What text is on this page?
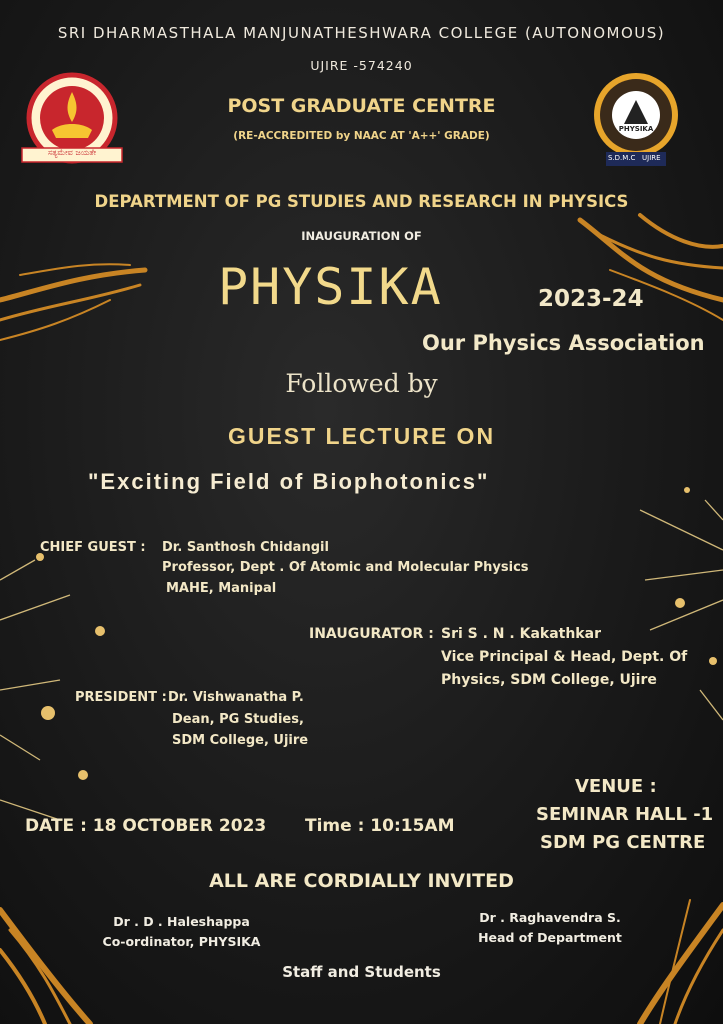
ಸತ್ಯಮೇವ ಜಯತೇ
PHYSIKA
S.D.M.C UJIRE
SRI DHARMASTHALA MANJUNATHESHWARA COLLEGE (AUTONOMOUS)
UJIRE -574240
POST GRADUATE CENTRE
(RE-ACCREDITED by NAAC AT 'A++' GRADE)
DEPARTMENT OF PG STUDIES AND RESEARCH IN PHYSICS
INAUGURATION OF
PHYSIKA	2023-24
Our Physics Association
Followed by
GUEST LECTURE ON
"Exciting Field of Biophotonics"
CHIEF GUEST : Dr. Santhosh Chidangil
Professor, Dept . Of Atomic and Molecular Physics
MAHE, Manipal
INAUGURATOR : Sri S . N . Kakathkar
Vice Principal & Head, Dept. Of
Physics, SDM College, Ujire
PRESIDENT : Dr. Vishwanatha P.
Dean, PG Studies,
SDM College, Ujire
DATE : 18 OCTOBER 2023 Time : 10:15AM
VENUE :
SEMINAR HALL -1
SDM PG CENTRE
ALL ARE CORDIALLY INVITED
Dr . D . Haleshappa
Co-ordinator, PHYSIKA
Dr . Raghavendra S.
Head of Department
Staff and Students
